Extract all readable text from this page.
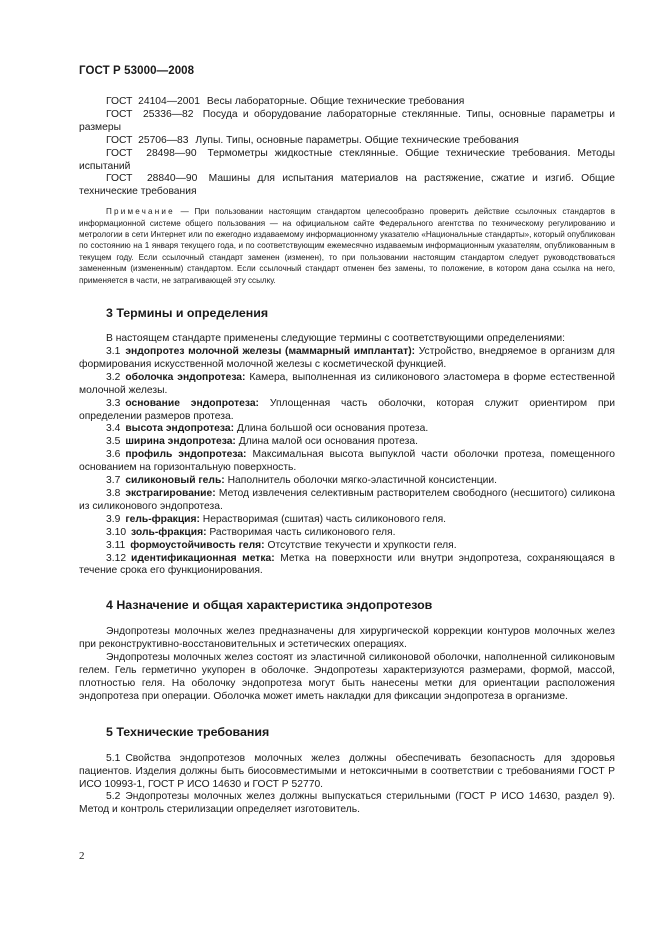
ГОСТ Р 53000—2008

ГОСТ 24104—2001 Весы лабораторные. Общие технические требования

ГОСТ 25336—82 Посуда и оборудование лабораторные стеклянные. Типы, основные параметры и размеры

ГОСТ 25706—83 Лупы. Типы, основные параметры. Общие технические требования

ГОСТ 28498—90 Термометры жидкостные стеклянные. Общие технические требования. Методы испытаний

ГОСТ 28840—90 Машины для испытания материалов на растяжение, сжатие и изгиб. Общие технические требования

Примечание — При пользовании настоящим стандартом целесообразно проверить действие ссылочных стандартов в информационной системе общего пользования — на официальном сайте Федерального агентства по техническому регулированию и метрологии в сети Интернет или по ежегодно издаваемому информационному указателю «Национальные стандарты», который опубликован по состоянию на 1 января текущего года, и по соответствующим ежемесячно издаваемым информационным указателям, опубликованным в текущем году. Если ссылочный стандарт заменен (изменен), то при пользовании настоящим стандартом следует руководствоваться замененным (измененным) стандартом. Если ссылочный стандарт отменен без замены, то положение, в котором дана ссылка на него, применяется в части, не затрагивающей эту ссылку.

3 Термины и определения

В настоящем стандарте применены следующие термины с соответствующими определениями:

3.1 эндопротез молочной железы (маммарный имплантат): Устройство, внедряемое в организм для формирования искусственной молочной железы с косметической функцией.

3.2 оболочка эндопротеза: Камера, выполненная из силиконового эластомера в форме естественной молочной железы.

3.3 основание эндопротеза: Уплощенная часть оболочки, которая служит ориентиром при определении размеров протеза.

3.4 высота эндопротеза: Длина большой оси основания протеза.

3.5 ширина эндопротеза: Длина малой оси основания протеза.

3.6 профиль эндопротеза: Максимальная высота выпуклой части оболочки протеза, помещенного основанием на горизонтальную поверхность.

3.7 силиконовый гель: Наполнитель оболочки мягко-эластичной консистенции.

3.8 экстрагирование: Метод извлечения селективным растворителем свободного (несшитого) силикона из силиконового эндопротеза.

3.9 гель-фракция: Нерастворимая (сшитая) часть силиконового геля.

3.10 золь-фракция: Растворимая часть силиконового геля.

3.11 формоустойчивость геля: Отсутствие текучести и хрупкости геля.

3.12 идентификационная метка: Метка на поверхности или внутри эндопротеза, сохраняющаяся в течение срока его функционирования.

4 Назначение и общая характеристика эндопротезов

Эндопротезы молочных желез предназначены для хирургической коррекции контуров молочных желез при реконструктивно-восстановительных и эстетических операциях.

Эндопротезы молочных желез состоят из эластичной силиконовой оболочки, наполненной силиконовым гелем. Гель герметично укупорен в оболочке. Эндопротезы характеризуются размерами, формой, массой, плотностью геля. На оболочку эндопротеза могут быть нанесены метки для ориентации расположения эндопротеза при операции. Оболочка может иметь накладки для фиксации эндопротеза в организме.

5 Технические требования

5.1 Свойства эндопротезов молочных желез должны обеспечивать безопасность для здоровья пациентов. Изделия должны быть биосовместимыми и нетоксичными в соответствии с требованиями ГОСТ Р ИСО 10993-1, ГОСТ Р ИСО 14630 и ГОСТ Р 52770.

5.2 Эндопротезы молочных желез должны выпускаться стерильными (ГОСТ Р ИСО 14630, раздел 9). Метод и контроль стерилизации определяет изготовитель.

2
